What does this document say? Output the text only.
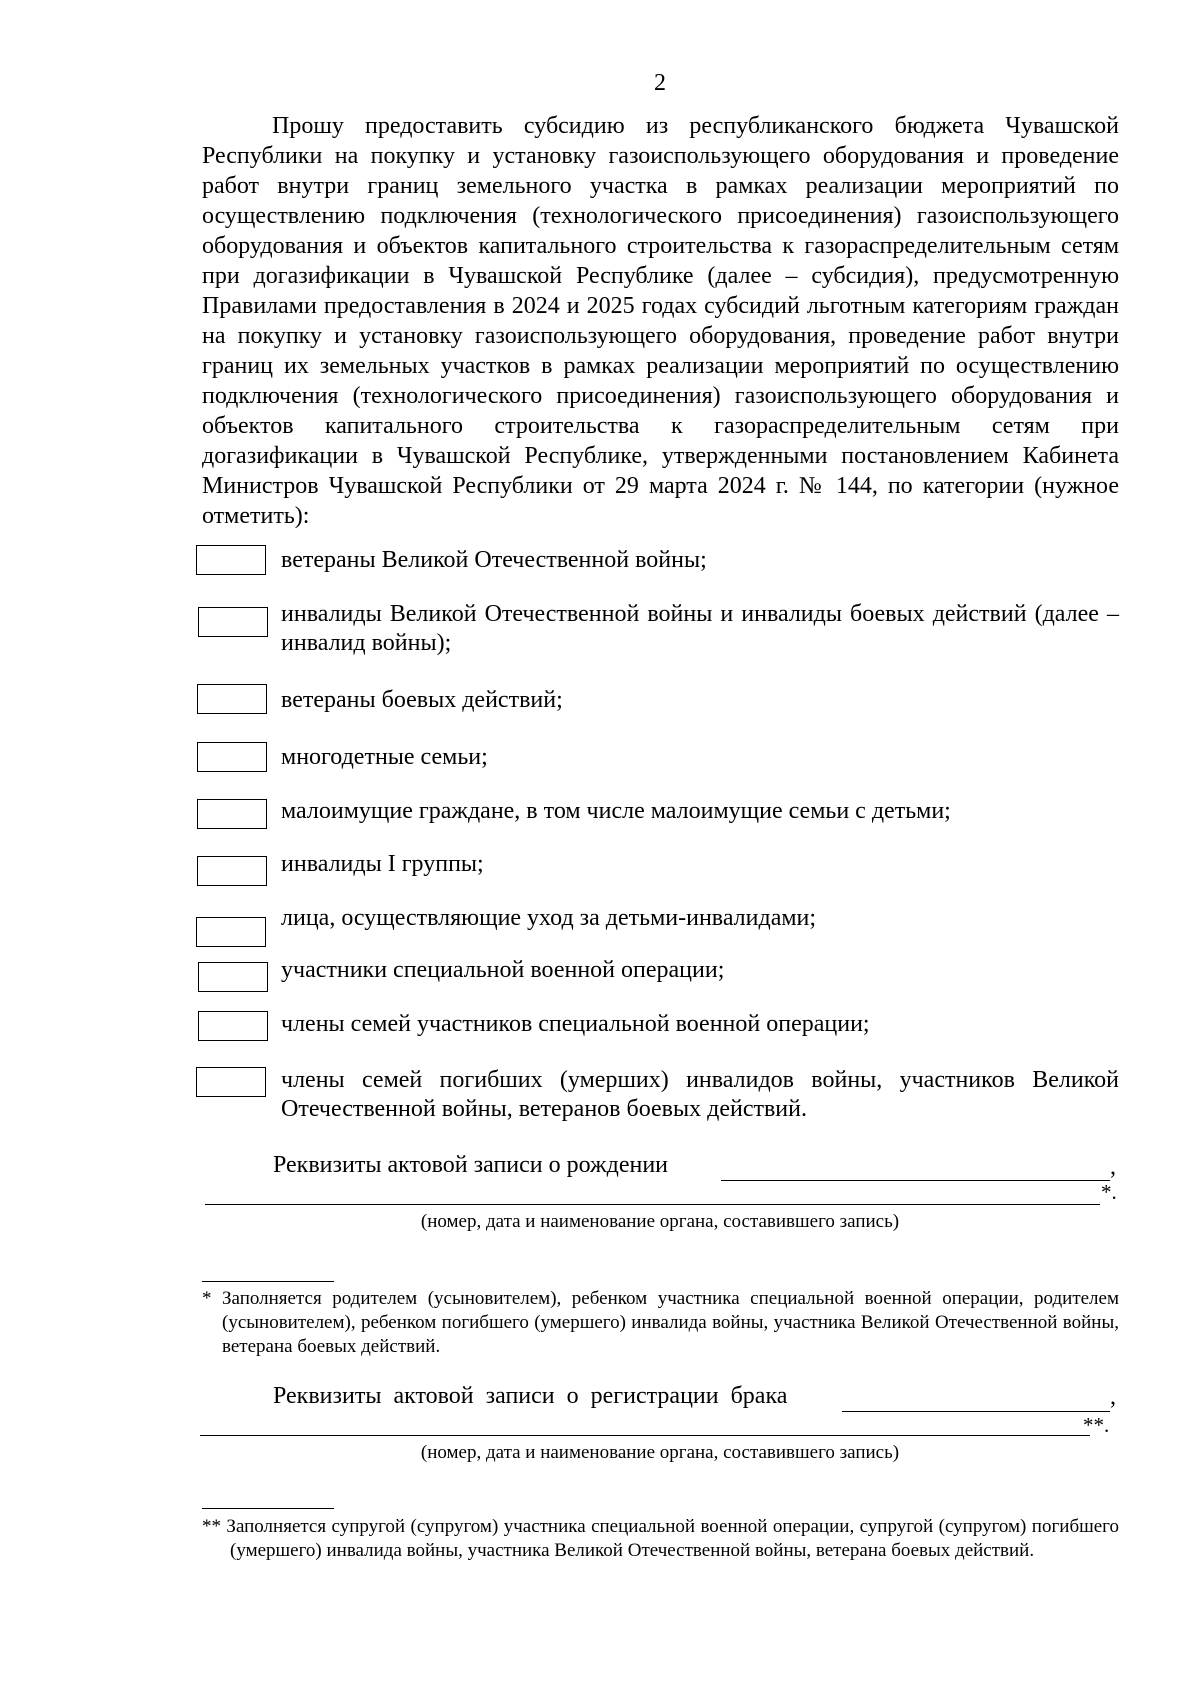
2

Прошу предоставить субсидию из республиканского бюджета Чувашской Республики на покупку и установку газоиспользующего оборудования и проведение работ внутри границ земельного участка в рамках реализации мероприятий по осуществлению подключения (технологического присоединения) газоиспользующего оборудования и объектов капитального строительства к газораспределительным сетям при догазификации в Чувашской Республике (далее – субсидия), предусмотренную Правилами предоставления в 2024 и 2025 годах субсидий льготным категориям граждан на покупку и установку газоиспользующего оборудования, проведение работ внутри границ их земельных участков в рамках реализации мероприятий по осуществлению подключения (технологического присоединения) газоиспользующего оборудования и объектов капитального строительства к газораспределительным сетям при догазификации в Чувашской Республике, утвержденными постановлением Кабинета Министров Чувашской Республики от 29 марта 2024 г. № 144, по категории (нужное отметить):

ветераны Великой Отечественной войны;
инвалиды Великой Отечественной войны и инвалиды боевых действий (далее – инвалид войны);
ветераны боевых действий;
многодетные семьи;
малоимущие граждане, в том числе малоимущие семьи с детьми;
инвалиды I группы;
лица, осуществляющие уход за детьми-инвалидами;
участники специальной военной операции;
члены семей участников специальной военной операции;
члены семей погибших (умерших) инвалидов войны, участников Великой Отечественной войны, ветеранов боевых действий.
Реквизиты актовой записи о рождении	,
*.
(номер, дата и наименование органа, составившего запись)
* Заполняется родителем (усыновителем), ребенком участника специальной военной операции, родителем (усыновителем), ребенком погибшего (умершего) инвалида войны, участника Великой Отечественной войны, ветерана боевых действий.
Реквизиты актовой записи о регистрации брака	,
**.
(номер, дата и наименование органа, составившего запись)
** Заполняется супругой (супругом) участника специальной военной операции, супругой (супругом) погибшего (умершего) инвалида войны, участника Великой Отечественной войны, ветерана боевых действий.
